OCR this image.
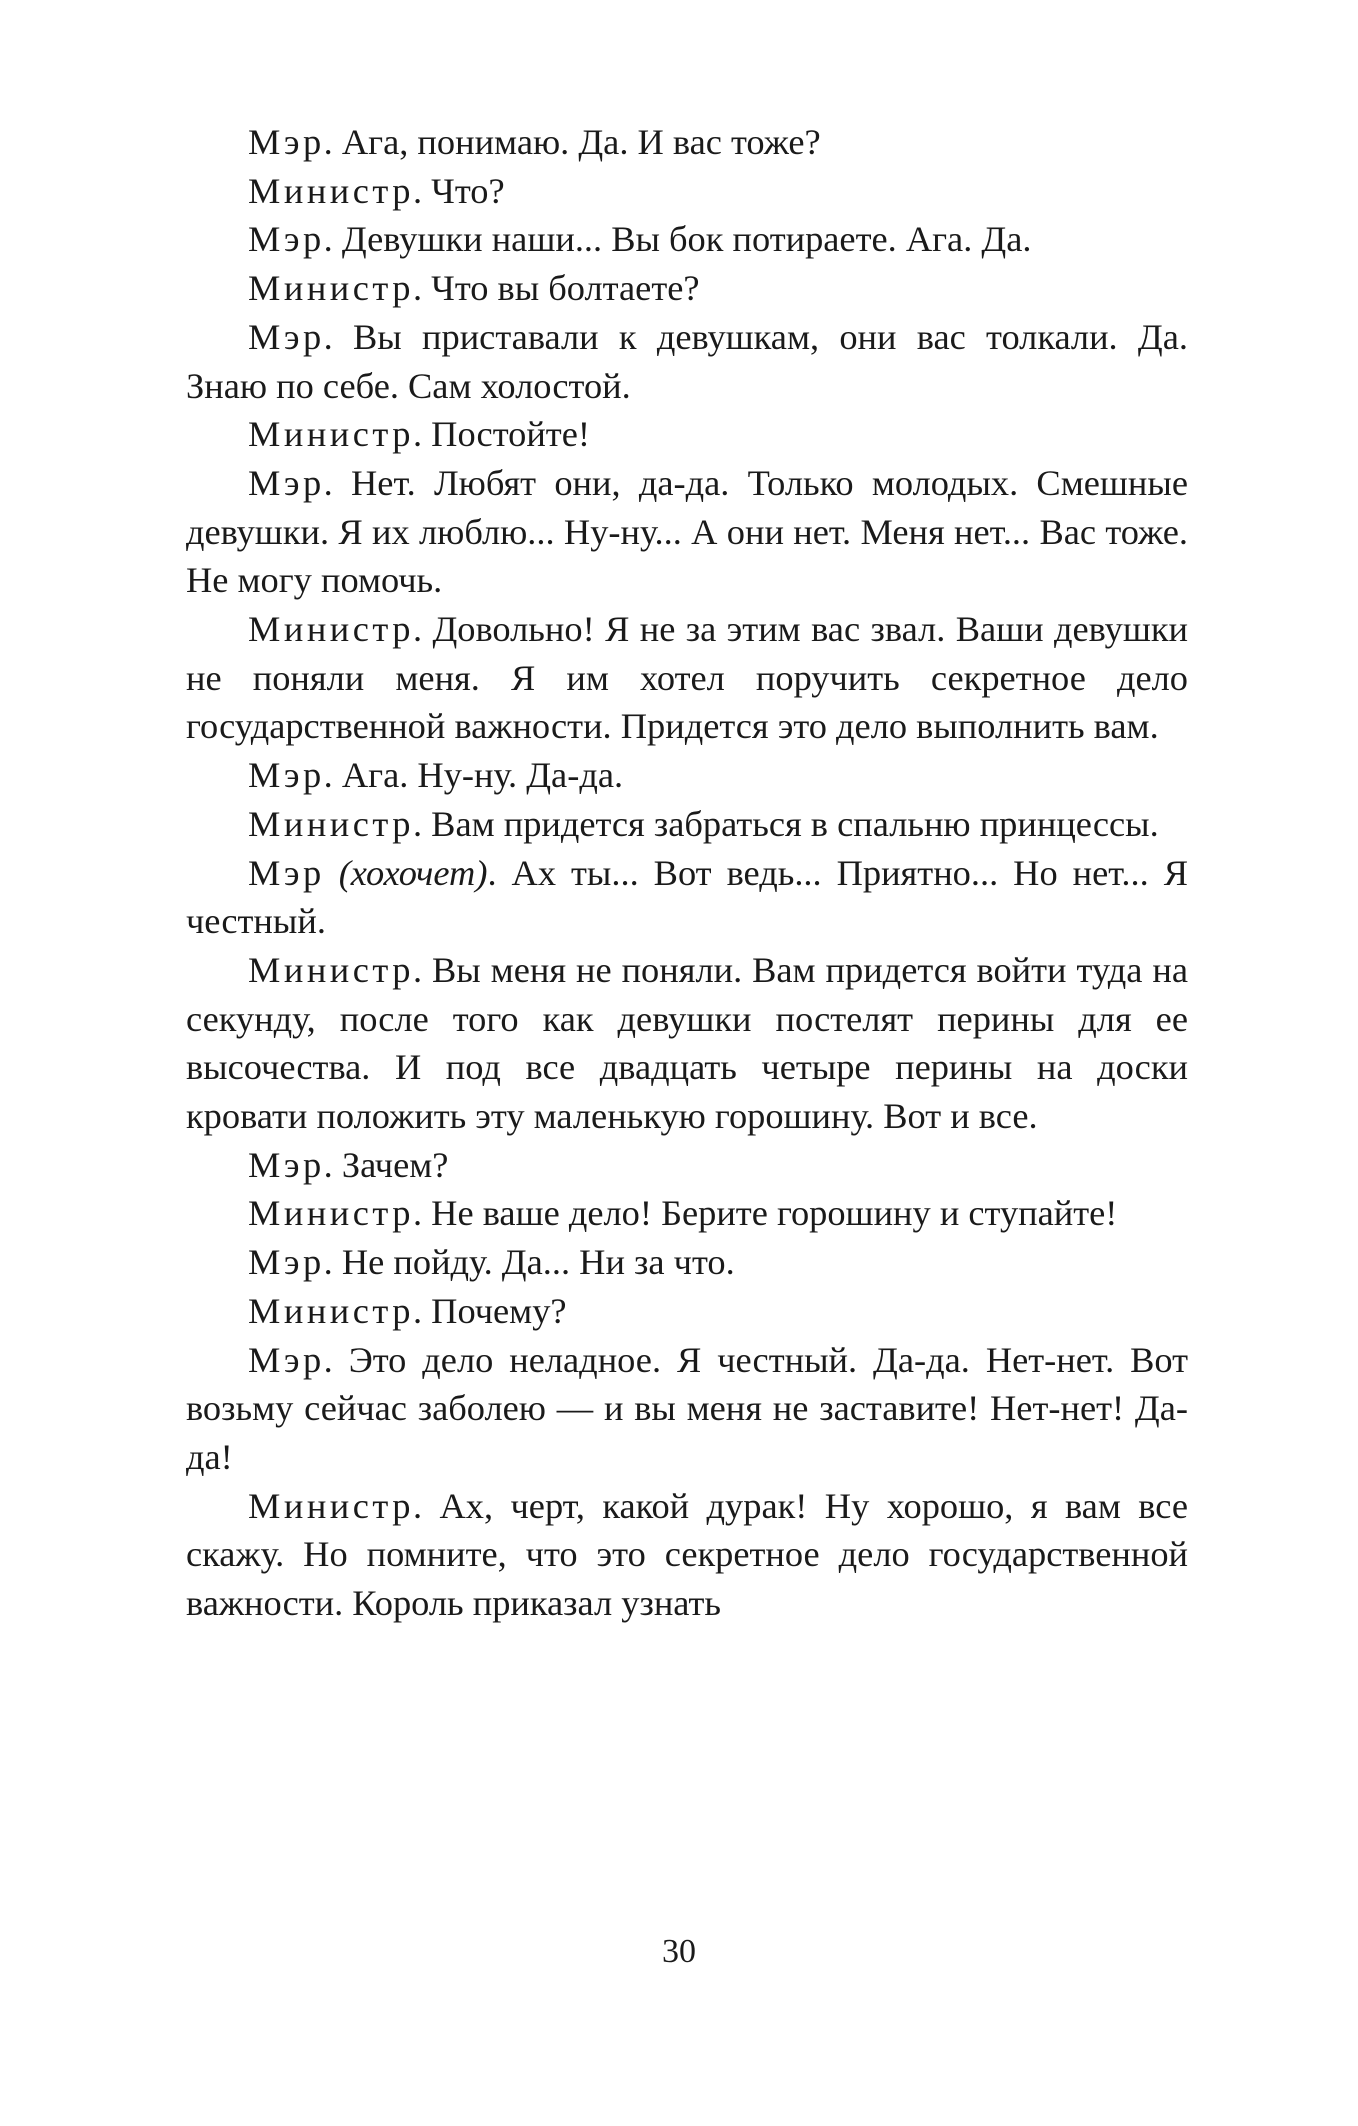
Мэр. Ага, понимаю. Да. И вас тоже?

Министр. Что?

Мэр. Девушки наши... Вы бок потираете. Ага. Да.

Министр. Что вы болтаете?

Мэр. Вы приставали к девушкам, они вас толкали. Да. Знаю по себе. Сам холостой.

Министр. Постойте!

Мэр. Нет. Любят они, да-да. Только молодых. Смешные девушки. Я их люблю... Ну-ну... А они нет. Меня нет... Вас тоже. Не могу помочь.

Министр. Довольно! Я не за этим вас звал. Ваши девушки не поняли меня. Я им хотел поручить секретное дело государственной важности. Придется это дело выполнить вам.

Мэр. Ага. Ну-ну. Да-да.

Министр. Вам придется забраться в спальню принцессы.

Мэр (хохочет). Ах ты... Вот ведь... Приятно... Но нет... Я честный.

Министр. Вы меня не поняли. Вам придется войти туда на секунду, после того как девушки постелят перины для ее высочества. И под все двадцать четыре перины на доски кровати положить эту маленькую горошину. Вот и все.

Мэр. Зачем?

Министр. Не ваше дело! Берите горошину и ступайте!

Мэр. Не пойду. Да... Ни за что.

Министр. Почему?

Мэр. Это дело неладное. Я честный. Да-да. Нет-нет. Вот возьму сейчас заболею — и вы меня не заставите! Нет-нет! Да-да!

Министр. Ах, черт, какой дурак! Ну хорошо, я вам все скажу. Но помните, что это секретное дело государственной важности. Король приказал узнать

30
